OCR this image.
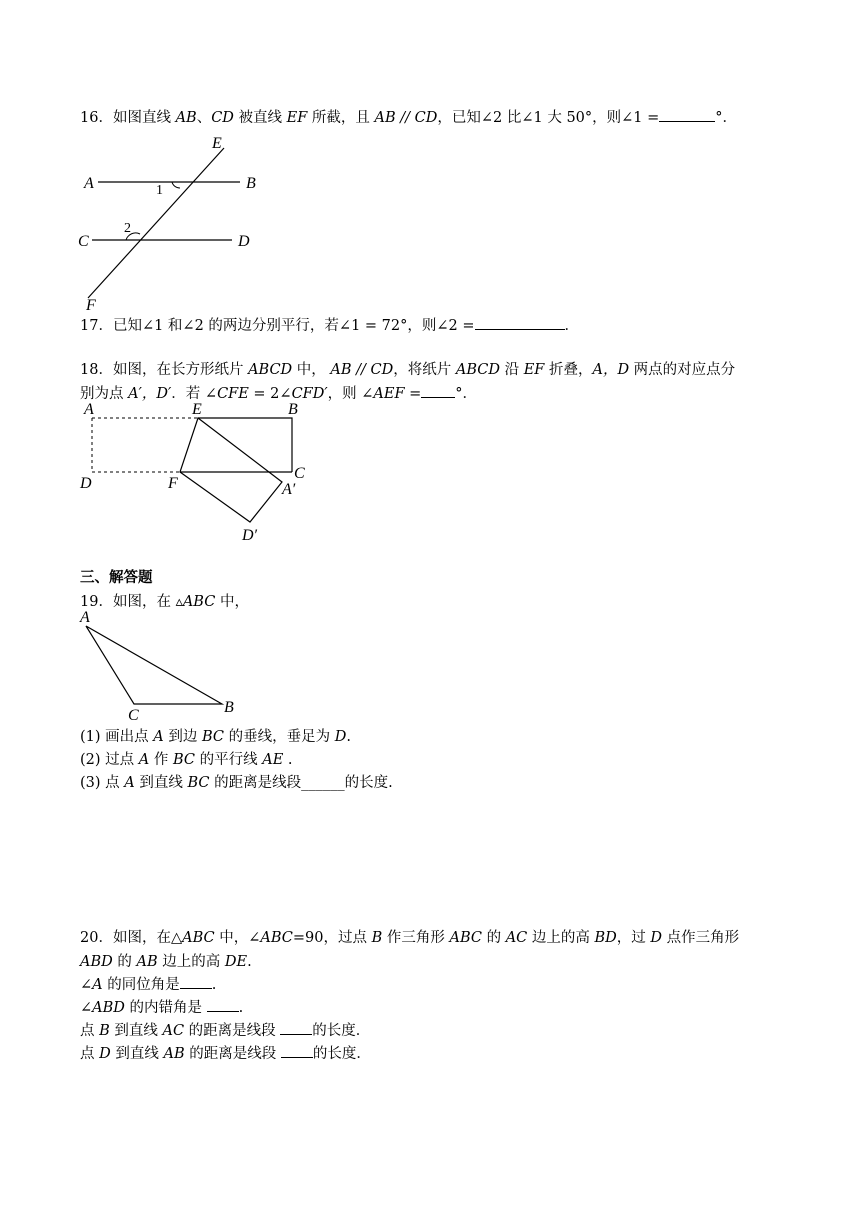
16．如图直线 AB、CD 被直线 EF 所截，且 AB // CD，已知∠2 比∠1 大 50°，则∠1 =	°．
E
A	B
1
2
C	D
F
A	E	B
D	F
C
A′
D′
A
B
C
17．已知∠1 和∠2 的两边分别平行，若∠1 = 72°，则∠2 =	．
18．如图，在长方形纸片 ABCD 中， AB // CD，将纸片 ABCD 沿 EF 折叠，A，D 两点的对应点分
别为点 A′，D′．若 ∠CFE = 2∠CFD′，则 ∠AEF = °．
三、解答题
19．如图，在 ▵ABC 中，
(1) 画出点 A 到边 BC 的垂线，垂足为 D.
(2) 过点 A 作 BC 的平行线 AE .
(3) 点 A 到直线 BC 的距离是线段______的长度.
20．如图，在△ABC 中，∠ABC=90，过点 B 作三角形 ABC 的 AC 边上的高 BD，过 D 点作三角形
ABD 的 AB 边上的高 DE.
∠A 的同位角是 .
∠ABD 的内错角是 .
点 B 到直线 AC 的距离是线段 的长度．
点 D 到直线 AB 的距离是线段 的长度．
